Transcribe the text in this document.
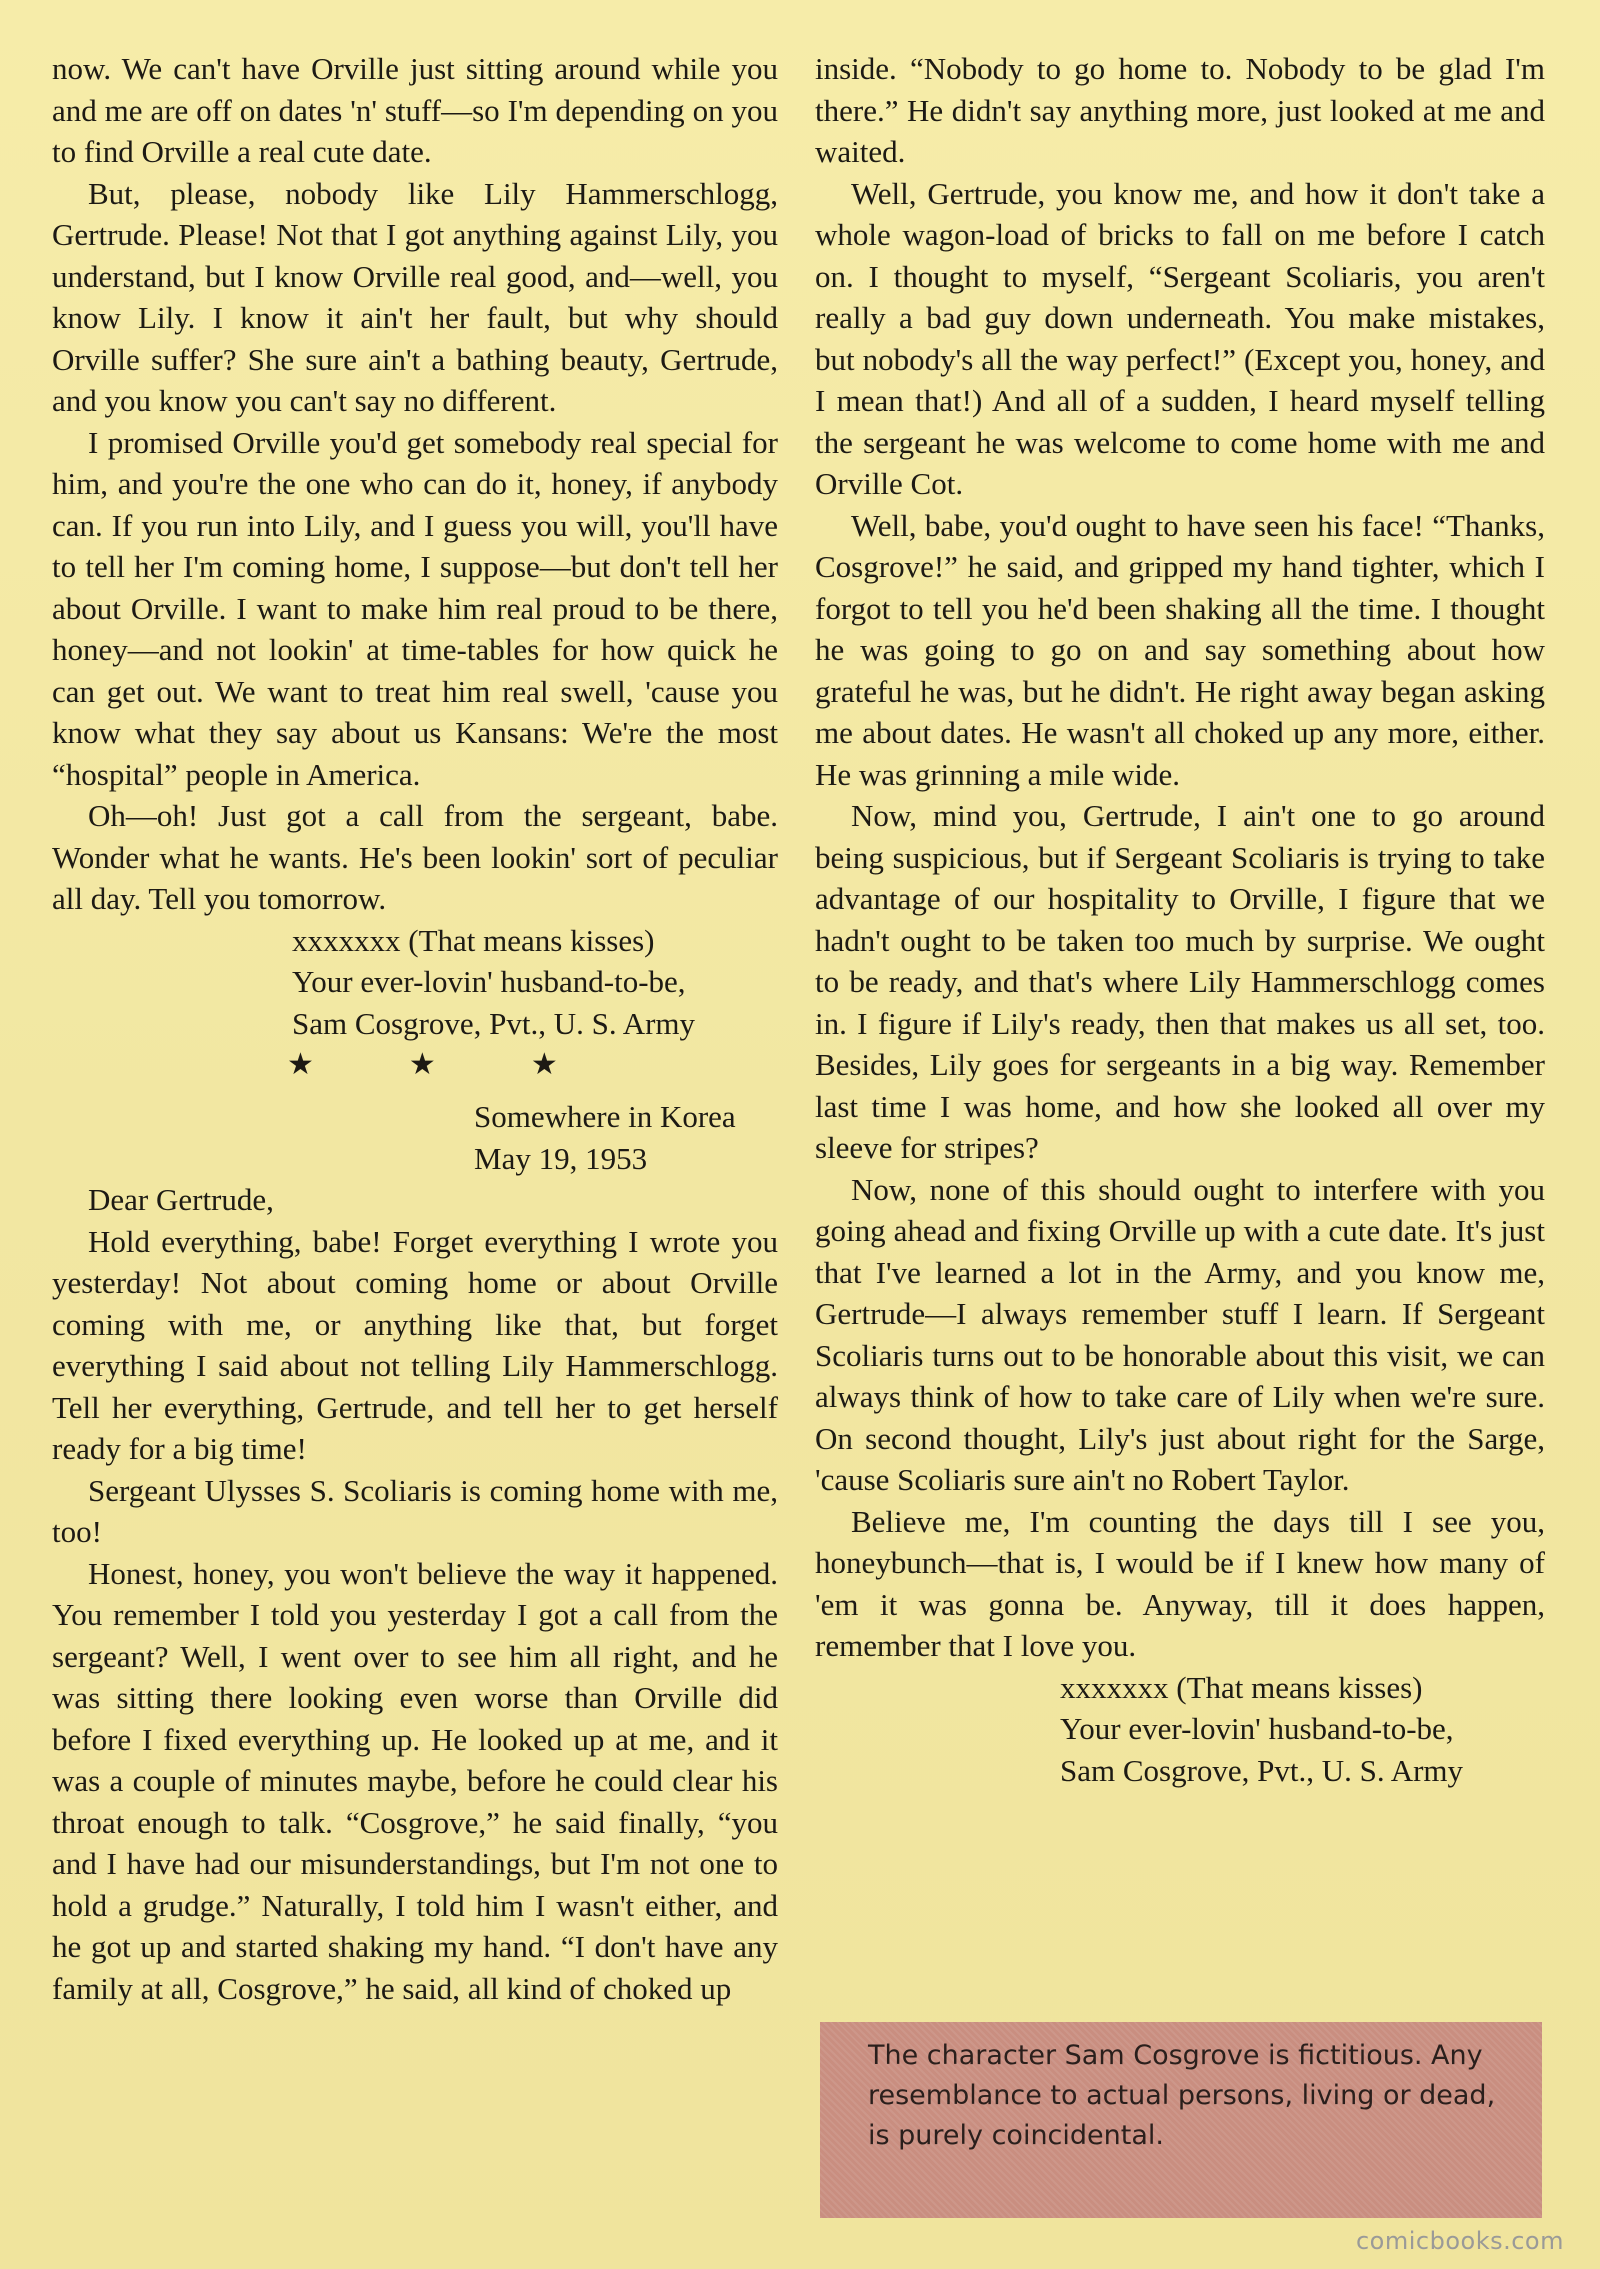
now. We can't have Orville just sitting around while you and me are off on dates 'n' stuff—so I'm depending on you to find Orville a real cute date.

But, please, nobody like Lily Hammerschlogg, Gertrude. Please! Not that I got anything against Lily, you understand, but I know Orville real good, and—well, you know Lily. I know it ain't her fault, but why should Orville suffer? She sure ain't a bathing beauty, Gertrude, and you know you can't say no different.

I promised Orville you'd get somebody real special for him, and you're the one who can do it, honey, if anybody can. If you run into Lily, and I guess you will, you'll have to tell her I'm coming home, I suppose—but don't tell her about Orville. I want to make him real proud to be there, honey—and not lookin' at time-tables for how quick he can get out. We want to treat him real swell, 'cause you know what they say about us Kansans: We're the most “hospital” people in America.

Oh—oh! Just got a call from the sergeant, babe. Wonder what he wants. He's been lookin' sort of peculiar all day. Tell you tomorrow.

xxxxxxx (That means kisses)
Your ever-lovin' husband-to-be,
Sam Cosgrove, Pvt., U. S. Army
★	★	★
Somewhere in Korea
May 19, 1953

Dear Gertrude,

Hold everything, babe! Forget everything I wrote you yesterday! Not about coming home or about Orville coming with me, or anything like that, but forget everything I said about not telling Lily Hammerschlogg. Tell her everything, Gertrude, and tell her to get herself ready for a big time!

Sergeant Ulysses S. Scoliaris is coming home with me, too!

Honest, honey, you won't believe the way it happened. You remember I told you yesterday I got a call from the sergeant? Well, I went over to see him all right, and he was sitting there looking even worse than Orville did before I fixed everything up. He looked up at me, and it was a couple of minutes maybe, before he could clear his throat enough to talk. “Cosgrove,” he said finally, “you and I have had our misunderstandings, but I'm not one to hold a grudge.” Naturally, I told him I wasn't either, and he got up and started shaking my hand. “I don't have any family at all, Cosgrove,” he said, all kind of choked up

inside. “Nobody to go home to. Nobody to be glad I'm there.” He didn't say anything more, just looked at me and waited.

Well, Gertrude, you know me, and how it don't take a whole wagon-load of bricks to fall on me before I catch on. I thought to myself, “Sergeant Scoliaris, you aren't really a bad guy down underneath. You make mistakes, but nobody's all the way perfect!” (Except you, honey, and I mean that!) And all of a sudden, I heard myself telling the sergeant he was welcome to come home with me and Orville Cot.

Well, babe, you'd ought to have seen his face! “Thanks, Cosgrove!” he said, and gripped my hand tighter, which I forgot to tell you he'd been shaking all the time. I thought he was going to go on and say something about how grateful he was, but he didn't. He right away began asking me about dates. He wasn't all choked up any more, either. He was grinning a mile wide.

Now, mind you, Gertrude, I ain't one to go around being suspicious, but if Sergeant Scoliaris is trying to take advantage of our hospitality to Orville, I figure that we hadn't ought to be taken too much by surprise. We ought to be ready, and that's where Lily Hammerschlogg comes in. I figure if Lily's ready, then that makes us all set, too. Besides, Lily goes for sergeants in a big way. Remember last time I was home, and how she looked all over my sleeve for stripes?

Now, none of this should ought to interfere with you going ahead and fixing Orville up with a cute date. It's just that I've learned a lot in the Army, and you know me, Gertrude—I always remember stuff I learn. If Sergeant Scoliaris turns out to be honorable about this visit, we can always think of how to take care of Lily when we're sure. On second thought, Lily's just about right for the Sarge, 'cause Scoliaris sure ain't no Robert Taylor.

Believe me, I'm counting the days till I see you, honeybunch—that is, I would be if I knew how many of 'em it was gonna be. Anyway, till it does happen, remember that I love you.

xxxxxxx (That means kisses)
Your ever-lovin' husband-to-be,
Sam Cosgrove, Pvt., U. S. Army
The character Sam Cosgrove is fictitious. Any resemblance to actual persons, living or dead, is purely coincidental.
comicbooks.com
